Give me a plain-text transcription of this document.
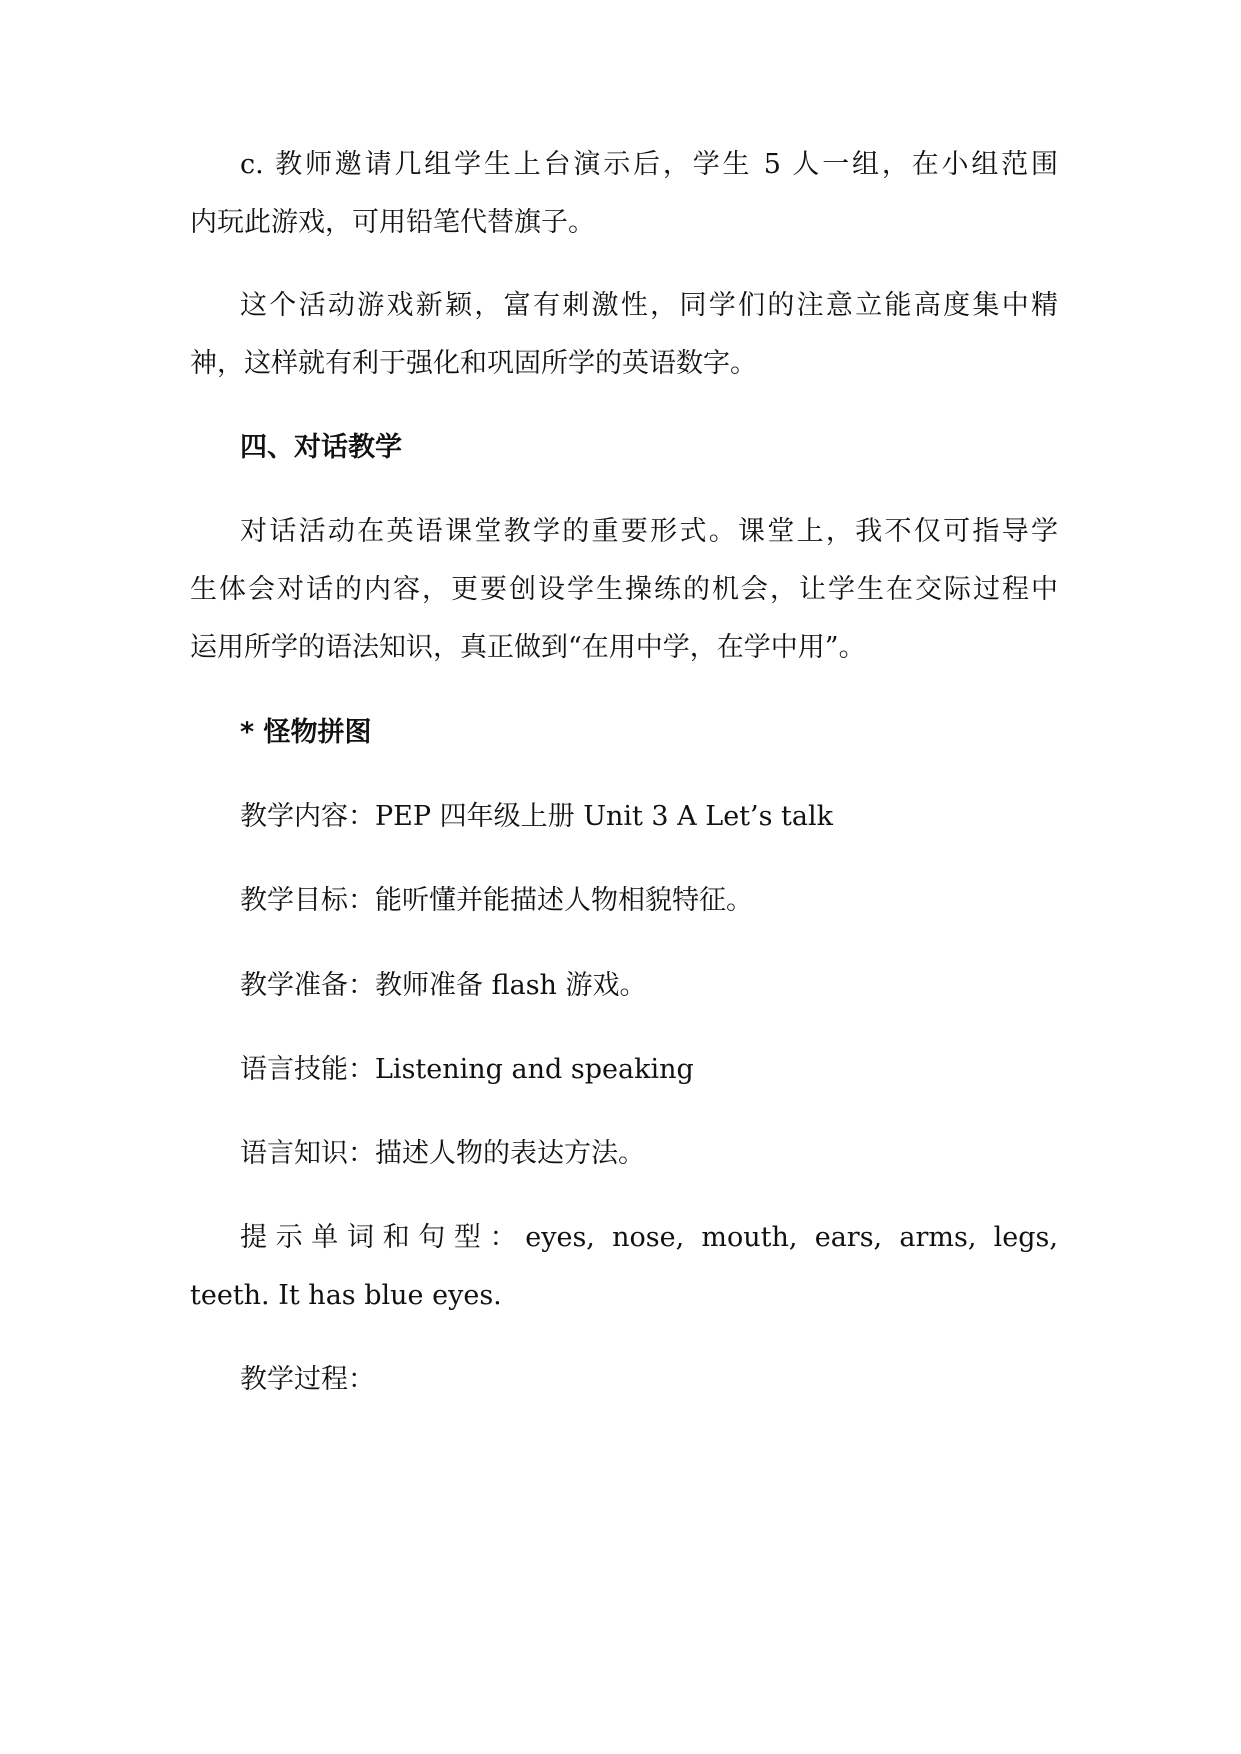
c. 教师邀请几组学生上台演示后，学生 5 人一组，在小组范围

内玩此游戏，可用铅笔代替旗子。

这个活动游戏新颖，富有刺激性，同学们的注意立能高度集中精

神，这样就有利于强化和巩固所学的英语数字。

四、对话教学

对话活动在英语课堂教学的重要形式。课堂上，我不仅可指导学

生体会对话的内容，更要创设学生操练的机会，让学生在交际过程中

运用所学的语法知识，真正做到“在用中学，在学中用”。

* 怪物拼图

教学内容：PEP 四年级上册 Unit 3 A Let’s talk

教学目标：能听懂并能描述人物相貌特征。

教学准备：教师准备 flash 游戏。

语言技能：Listening and speaking

语言知识：描述人物的表达方法。

提示单词和句型：eyes, nose, mouth, ears, arms, legs,

teeth. It has blue eyes.

教学过程：
